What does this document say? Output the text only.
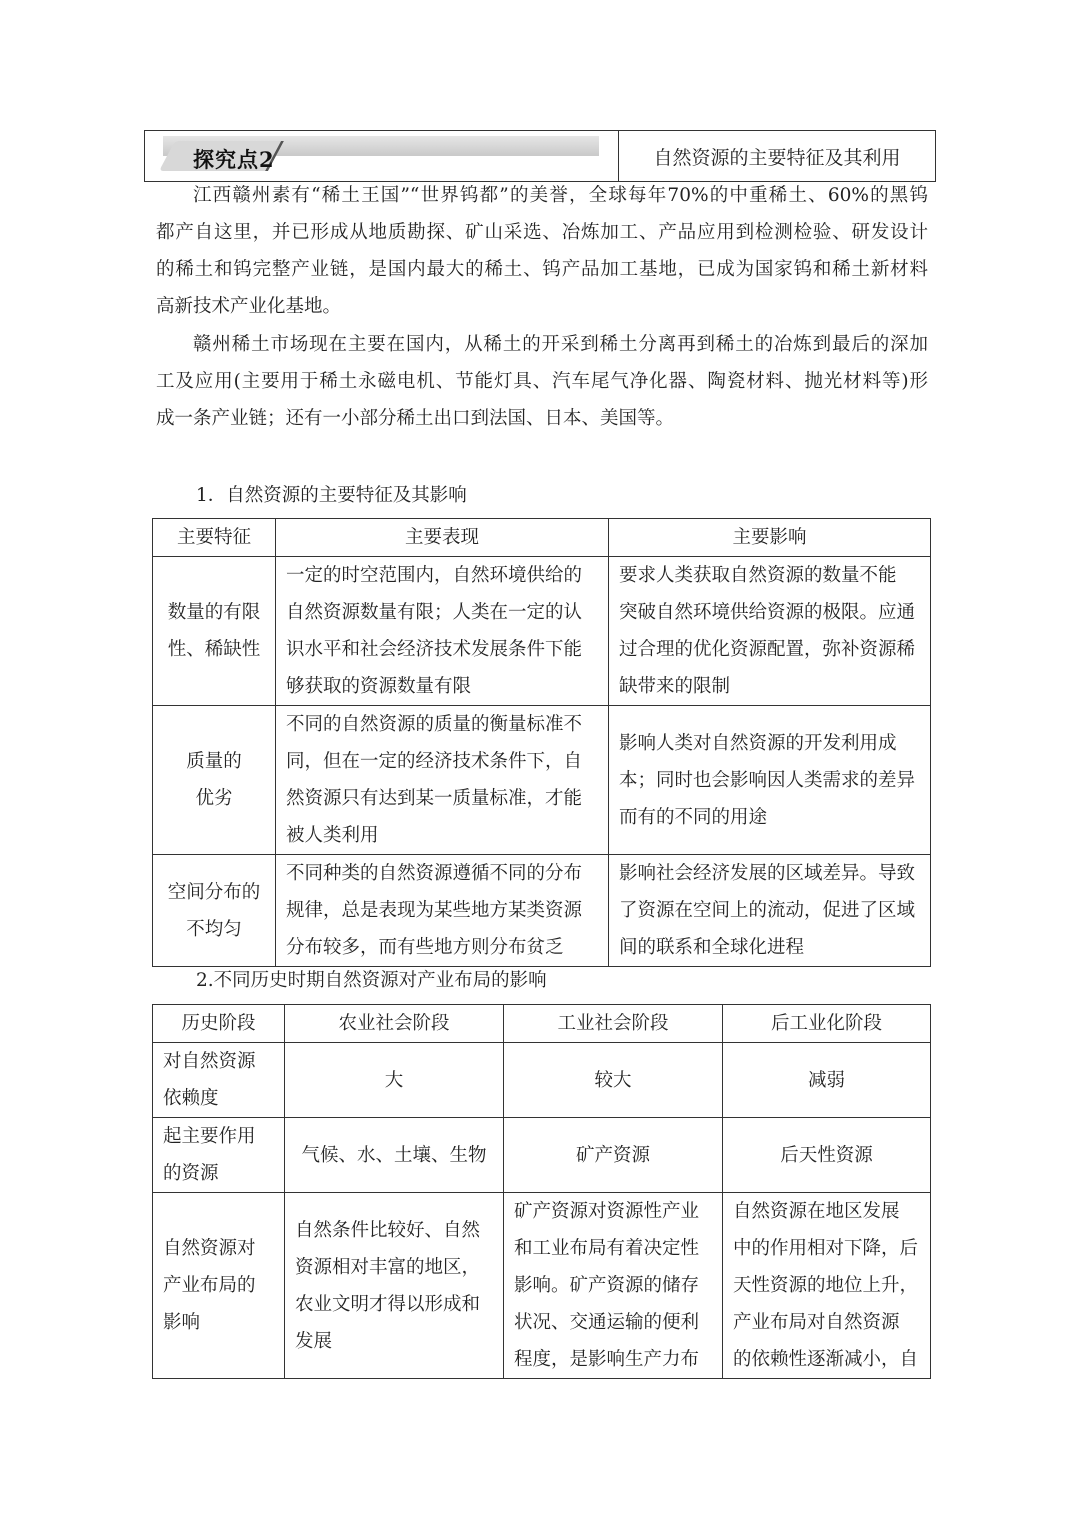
探究点2	自然资源的主要特征及其利用
江西赣州素有“稀土王国”“世界钨都”的美誉，全球每年70%的中重稀土、60%的黑钨
都产自这里，并已形成从地质勘探、矿山采选、冶炼加工、产品应用到检测检验、研发设计
的稀土和钨完整产业链，是国内最大的稀土、钨产品加工基地，已成为国家钨和稀土新材料
高新技术产业化基地。
赣州稀土市场现在主要在国内，从稀土的开采到稀土分离再到稀土的冶炼到最后的深加
工及应用(主要用于稀土永磁电机、节能灯具、汽车尾气净化器、陶瓷材料、抛光材料等)形
成一条产业链；还有一小部分稀土出口到法国、日本、美国等。
1．自然资源的主要特征及其影响
主要特征	主要表现	主要影响

数量的有限
性、稀缺性	一定的时空范围内，自然环境供给的
自然资源数量有限；人类在一定的认
识水平和社会经济技术发展条件下能
够获取的资源数量有限	要求人类获取自然资源的数量不能
突破自然环境供给资源的极限。应通
过合理的优化资源配置，弥补资源稀
缺带来的限制

质量的
优劣	不同的自然资源的质量的衡量标准不
同，但在一定的经济技术条件下，自
然资源只有达到某一质量标准，才能
被人类利用	影响人类对自然资源的开发利用成
本；同时也会影响因人类需求的差异
而有的不同的用途

空间分布的
不均匀	不同种类的自然资源遵循不同的分布
规律，总是表现为某些地方某类资源
分布较多，而有些地方则分布贫乏	影响社会经济发展的区域差异。导致
了资源在空间上的流动，促进了区域
间的联系和全球化进程
2.不同历史时期自然资源对产业布局的影响
历史阶段	农业社会阶段	工业社会阶段	后工业化阶段

对自然资源
依赖度	大	较大	减弱

起主要作用
的资源	气候、水、土壤、生物	矿产资源	后天性资源

自然资源对
产业布局的
影响	自然条件比较好、自然
资源相对丰富的地区，
农业文明才得以形成和
发展	矿产资源对资源性产业
和工业布局有着决定性
影响。矿产资源的储存
状况、交通运输的便利
程度，是影响生产力布	自然资源在地区发展
中的作用相对下降，后
天性资源的地位上升，
产业布局对自然资源
的依赖性逐渐减小，自
